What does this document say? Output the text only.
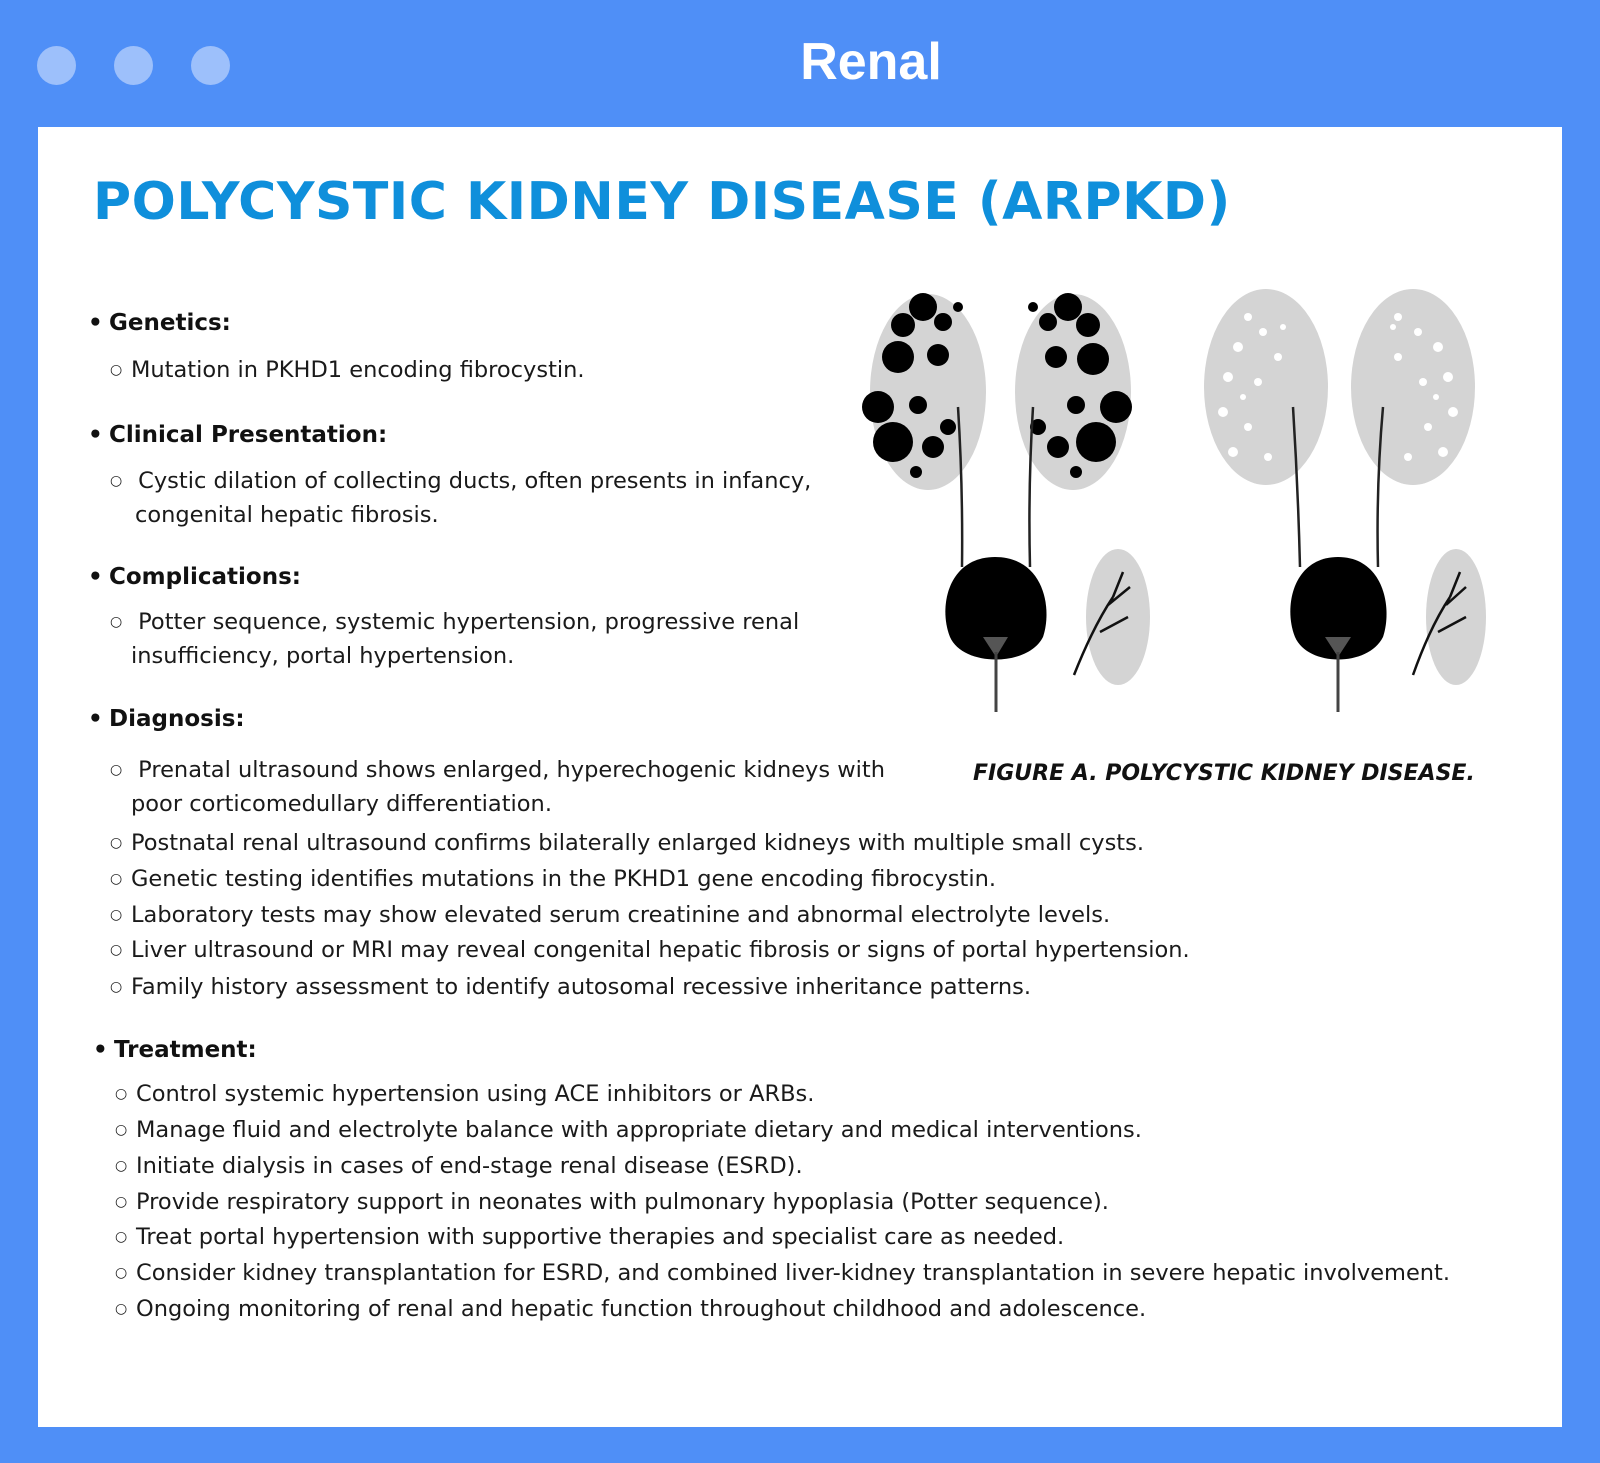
Renal
POLYCYSTIC KIDNEY DISEASE (ARPKD)
• Genetics:
○ Mutation in PKHD1 encoding fibrocystin.
• Clinical Presentation:
○ Cystic dilation of collecting ducts, often presents in infancy,
congenital hepatic fibrosis.
• Complications:
○ Potter sequence, systemic hypertension, progressive renal
insufficiency, portal hypertension.
• Diagnosis:
○ Prenatal ultrasound shows enlarged, hyperechogenic kidneys with
poor corticomedullary differentiation.
○ Postnatal renal ultrasound confirms bilaterally enlarged kidneys with multiple small cysts.
○ Genetic testing identifies mutations in the PKHD1 gene encoding fibrocystin.
○ Laboratory tests may show elevated serum creatinine and abnormal electrolyte levels.
○ Liver ultrasound or MRI may reveal congenital hepatic fibrosis or signs of portal hypertension.
○ Family history assessment to identify autosomal recessive inheritance patterns.
• Treatment:
○ Control systemic hypertension using ACE inhibitors or ARBs.
○ Manage fluid and electrolyte balance with appropriate dietary and medical interventions.
○ Initiate dialysis in cases of end-stage renal disease (ESRD).
○ Provide respiratory support in neonates with pulmonary hypoplasia (Potter sequence).
○ Treat portal hypertension with supportive therapies and specialist care as needed.
○ Consider kidney transplantation for ESRD, and combined liver-kidney transplantation in severe hepatic involvement.
○ Ongoing monitoring of renal and hepatic function throughout childhood and adolescence.
FIGURE A. POLYCYSTIC KIDNEY DISEASE.
